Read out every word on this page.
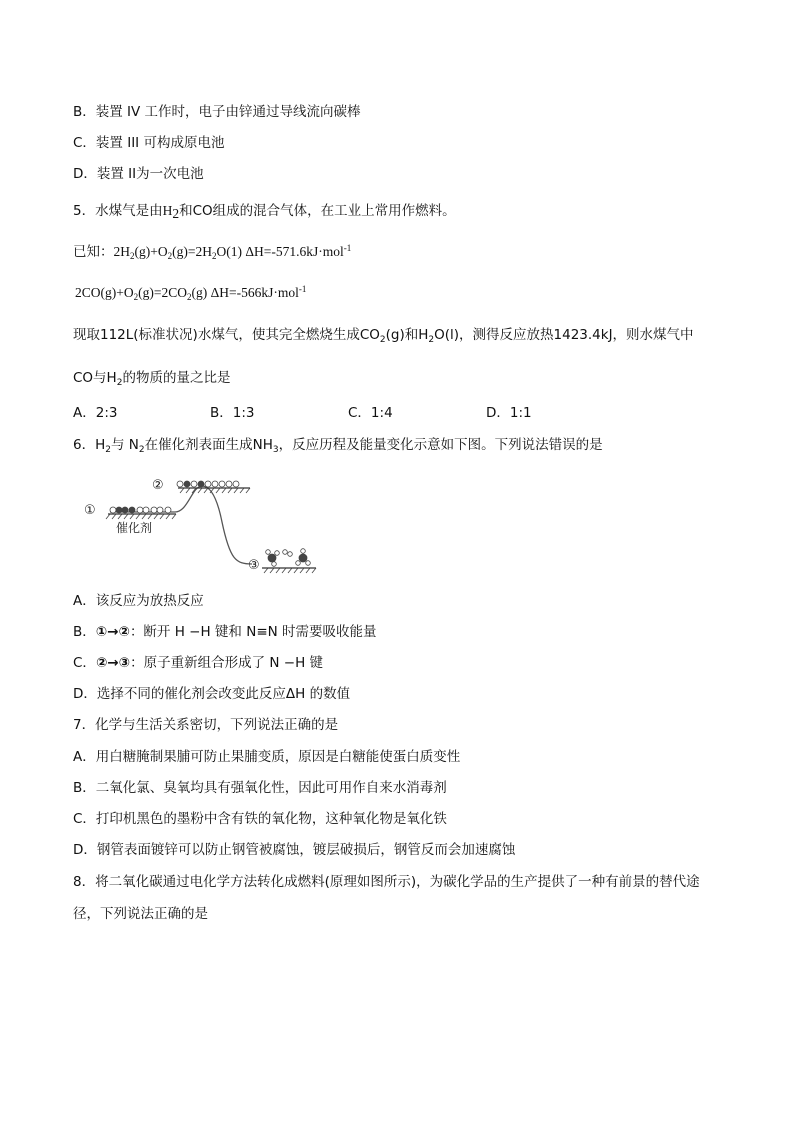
B．装置 IV 工作时，电子由锌通过导线流向碳棒
C．装置 III 可构成原电池
D．装置 II为一次电池
5．水煤气是由$H_2$和CO组成的混合气体，在工业上常用作燃料。
已知：$2H_2(g)+O_2(g)=2H_2O(1)$ ΔH=-571.6kJ·mol$^{-1}$
$2CO(g)+O_2(g)=2CO_2(g)$ ΔH=-566kJ·mol$^{-1}$
现取112L(标准状况)水煤气，使其完全燃烧生成$CO_2(g)$和$H_2O(l)$，测得反应放热1423.4kJ，则水煤气中
CO与$H_2$的物质的量之比是
A．2:3	B．1:3	C．1:4	D．1:1
6．$H_2$与 $N_2$在催化剂表面生成$NH_3$，反应历程及能量变化示意如下图。下列说法错误的是
①
②
③
催化剂
A．该反应为放热反应
B．①→②：断开 H −H 键和 N≡N 时需要吸收能量
C．②→③：原子重新组合形成了 N −H 键
D．选择不同的催化剂会改变此反应ΔH 的数值
7．化学与生活关系密切，下列说法正确的是
A．用白糖腌制果脯可防止果脯变质，原因是白糖能使蛋白质变性
B．二氧化氯、臭氧均具有强氧化性，因此可用作自来水消毒剂
C．打印机黑色的墨粉中含有铁的氧化物，这种氧化物是氧化铁
D．钢管表面镀锌可以防止钢管被腐蚀，镀层破损后，钢管反而会加速腐蚀
8．将二氧化碳通过电化学方法转化成燃料(原理如图所示)，为碳化学品的生产提供了一种有前景的替代途
径，下列说法正确的是
